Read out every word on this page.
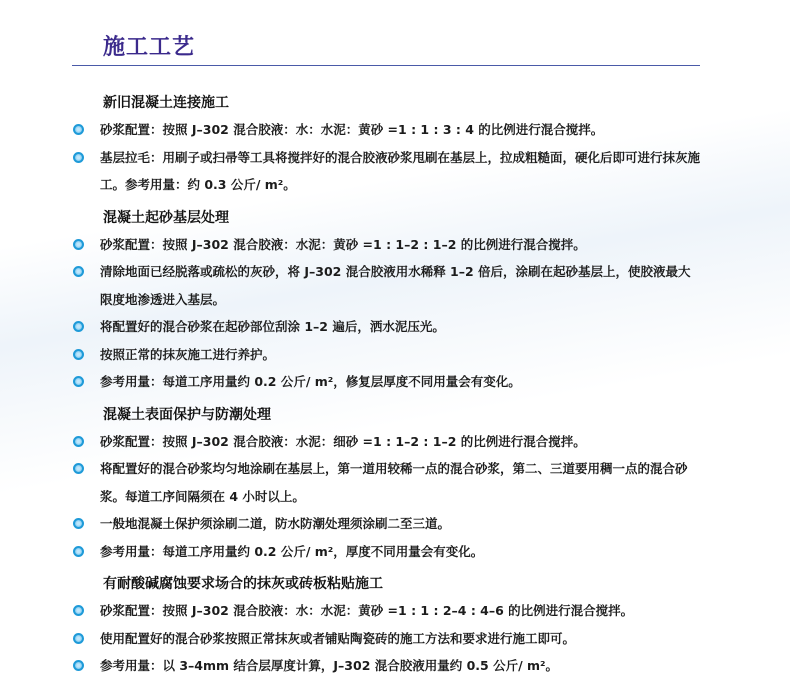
施工工艺
新旧混凝土连接施工
砂浆配置：按照 J–302 混合胶液：水：水泥：黄砂 =1 : 1 : 3 : 4 的比例进行混合搅拌。
基层拉毛：用刷子或扫帚等工具将搅拌好的混合胶液砂浆甩刷在基层上，拉成粗糙面，硬化后即可进行抹灰施工。参考用量：约 0.3 公斤/ m²。
混凝土起砂基层处理
砂浆配置：按照 J–302 混合胶液：水泥：黄砂 =1 : 1–2 : 1–2 的比例进行混合搅拌。
清除地面已经脱落或疏松的灰砂，将 J–302 混合胶液用水稀释 1–2 倍后，涂刷在起砂基层上，使胶液最大限度地渗透进入基层。
将配置好的混合砂浆在起砂部位刮涂 1–2 遍后，洒水泥压光。
按照正常的抹灰施工进行养护。
参考用量：每道工序用量约 0.2 公斤/ m²，修复层厚度不同用量会有变化。
混凝土表面保护与防潮处理
砂浆配置：按照 J–302 混合胶液：水泥：细砂 =1 : 1–2 : 1–2 的比例进行混合搅拌。
将配置好的混合砂浆均匀地涂刷在基层上，第一道用较稀一点的混合砂浆，第二、三道要用稠一点的混合砂浆。每道工序间隔须在 4 小时以上。
一般地混凝土保护须涂刷二道，防水防潮处理须涂刷二至三道。
参考用量：每道工序用量约 0.2 公斤/ m²，厚度不同用量会有变化。
有耐酸碱腐蚀要求场合的抹灰或砖板粘贴施工
砂浆配置：按照 J–302 混合胶液：水：水泥：黄砂 =1 : 1 : 2–4 : 4–6 的比例进行混合搅拌。
使用配置好的混合砂浆按照正常抹灰或者铺贴陶瓷砖的施工方法和要求进行施工即可。
参考用量：以 3–4mm 结合层厚度计算，J–302 混合胶液用量约 0.5 公斤/ m²。
